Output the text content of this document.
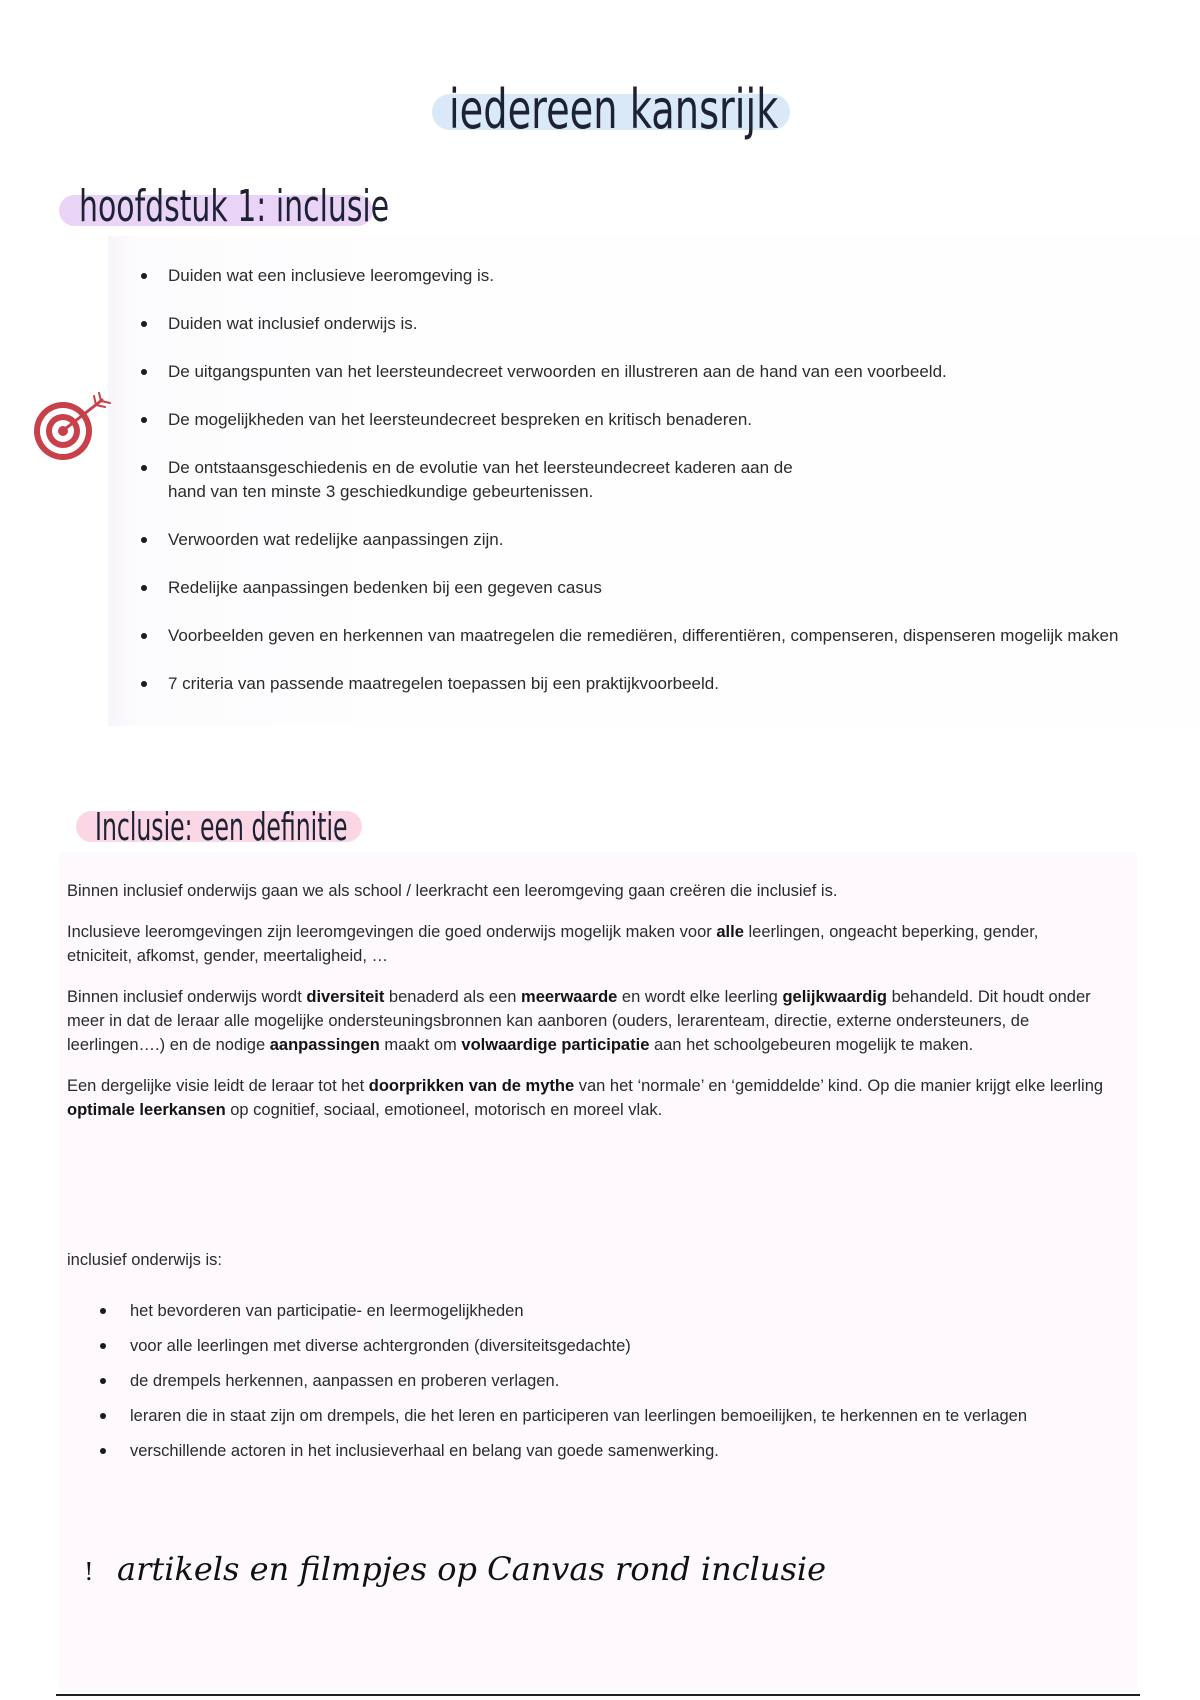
iedereen kansrijk
hoofdstuk 1: inclusie
Duiden wat een inclusieve leeromgeving is.
Duiden wat inclusief onderwijs is.
De uitgangspunten van het leersteundecreet verwoorden en illustreren aan de hand van een voorbeeld.
De mogelijkheden van het leersteundecreet bespreken en kritisch benaderen.
De ontstaansgeschiedenis en de evolutie van het leersteundecreet kaderen aan de
hand van ten minste 3 geschiedkundige gebeurtenissen.
Verwoorden wat redelijke aanpassingen zijn.
Redelijke aanpassingen bedenken bij een gegeven casus
Voorbeelden geven en herkennen van maatregelen die remediëren, differentiëren, compenseren, dispenseren mogelijk maken
7 criteria van passende maatregelen toepassen bij een praktijkvoorbeeld.
Inclusie: een definitie

Binnen inclusief onderwijs gaan we als school / leerkracht een leeromgeving gaan creëren die inclusief is.

Inclusieve leeromgevingen zijn leeromgevingen die goed onderwijs mogelijk maken voor alle leerlingen, ongeacht beperking, gender, etniciteit, afkomst, gender, meertaligheid, …

Binnen inclusief onderwijs wordt diversiteit benaderd als een meerwaarde en wordt elke leerling gelijkwaardig behandeld. Dit houdt onder meer in dat de leraar alle mogelijke ondersteuningsbronnen kan aanboren (ouders, lerarenteam, directie, externe ondersteuners, de leerlingen….) en de nodige aanpassingen maakt om volwaardige participatie aan het schoolgebeuren mogelijk te maken.

Een dergelijke visie leidt de leraar tot het doorprikken van de mythe van het ‘normale’ en ‘gemiddelde’ kind. Op die manier krijgt elke leerling optimale leerkansen op cognitief, sociaal, emotioneel, motorisch en moreel vlak.

inclusief onderwijs is:

het bevorderen van participatie- en leermogelijkheden
voor alle leerlingen met diverse achtergronden (diversiteitsgedachte)
de drempels herkennen, aanpassen en proberen verlagen.
leraren die in staat zijn om drempels, die het leren en participeren van leerlingen bemoeilijken, te herkennen en te verlagen
verschillende actoren in het inclusieverhaal en belang van goede samenwerking.
! artikels en filmpjes op Canvas rond inclusie
